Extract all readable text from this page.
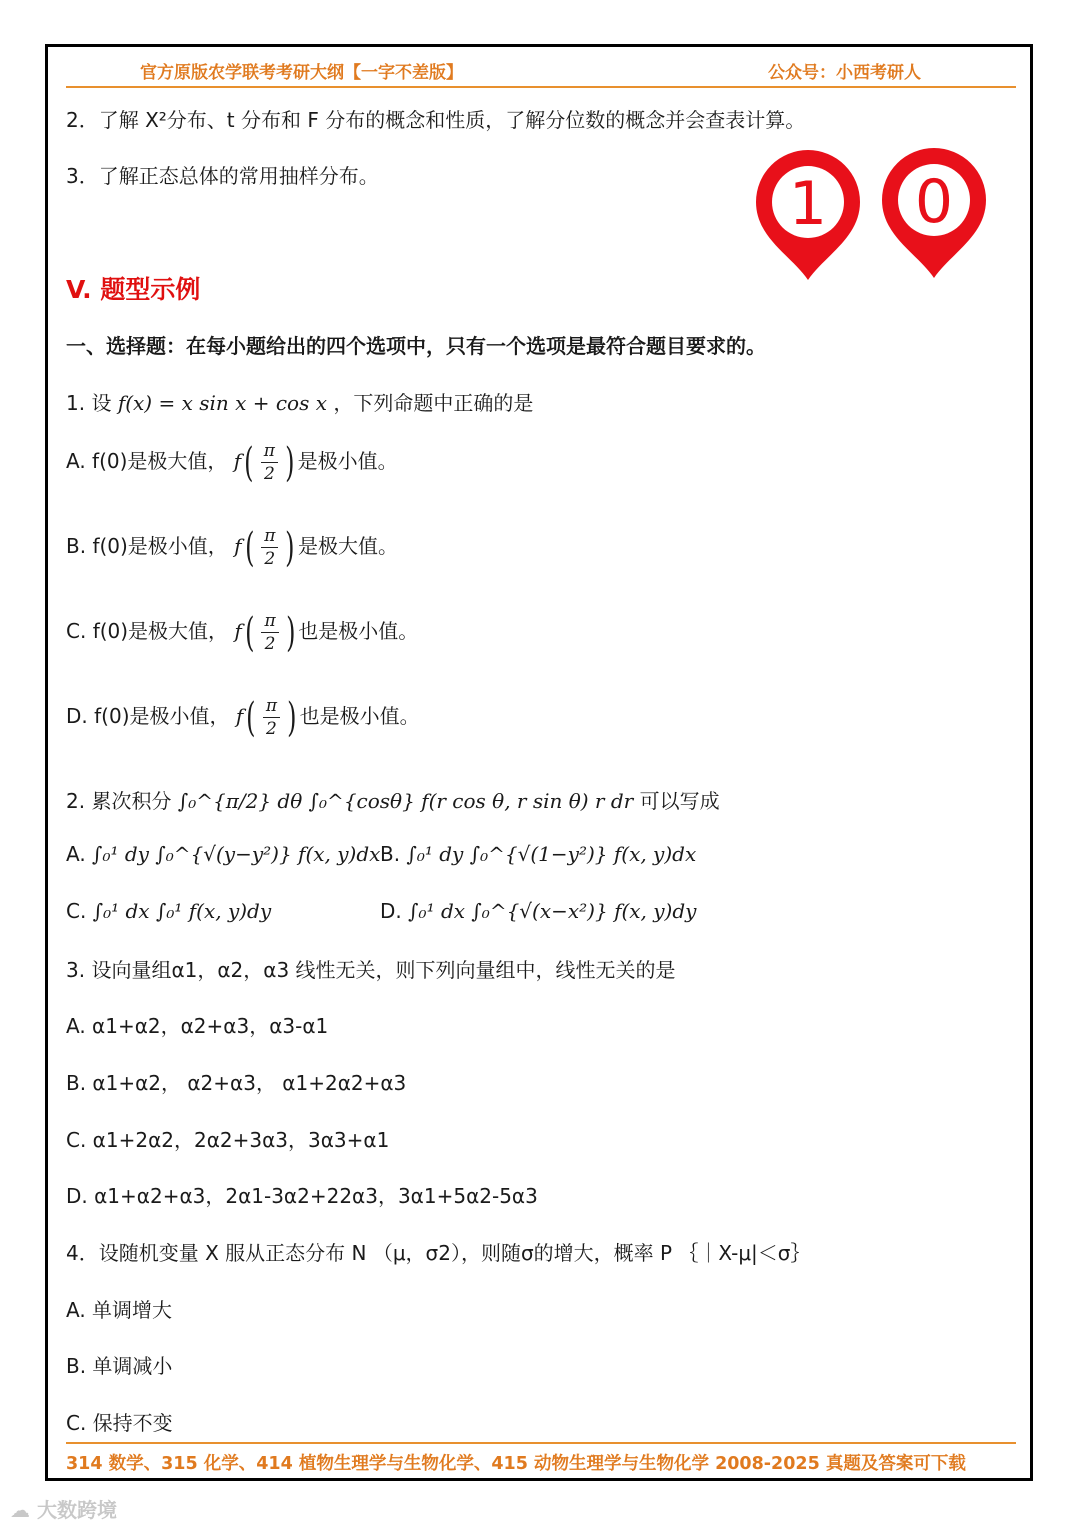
官方原版农学联考考研大纲【一字不差版】	公众号：小西考研人
2．了解 X²分布、t 分布和 F 分布的概念和性质，了解分位数的概念并会查表计算。
3．了解正态总体的常用抽样分布。	1 0
V. 题型示例
一、选择题：在每小题给出的四个选项中，只有一个选项是最符合题目要求的。
1. 设 f(x) = x sin x + cos x ，下列命题中正确的是
A. f(0)是极大值， $f( \frac{\pi}{2}$ ) 是极小值。
B. f(0)是极小值， $f( \frac{\pi}{2}$ ) 是极大值。
C. f(0)是极大值， $f( \frac{\pi}{2}$ ) 也是极小值。
D. f(0)是极小值， $f( \frac{\pi}{2}$ ) 也是极小值。
2. 累次积分 ∫₀^{π/2} dθ ∫₀^{cosθ} f(r cos θ, r sin θ) r dr 可以写成
A. ∫₀¹ dy ∫₀^{√(y−y²)} f(x, y)dx B. ∫₀¹ dy ∫₀^{√(1−y²)} f(x, y)dx
C. ∫₀¹ dx ∫₀¹ f(x, y)dy	D. ∫₀¹ dx ∫₀^{√(x−x²)} f(x, y)dy
3. 设向量组α1，α2，α3 线性无关，则下列向量组中，线性无关的是
A. α1+α2，α2+α3，α3-α1
B. α1+α2， α2+α3， α1+2α2+α3
C. α1+2α2，2α2+3α3，3α3+α1
D. α1+α2+α3，2α1-3α2+22α3，3α1+5α2-5α3
4．设随机变量 X 服从正态分布 N （μ，σ2），则随σ的增大，概率 P ｛｜X-μ|＜σ｝
A. 单调增大
B. 单调减小
C. 保持不变
314 数学、315 化学、414 植物生理学与生物化学、415 动物生理学与生物化学 2008-2025 真题及答案可下载
☁ 大数跨境
